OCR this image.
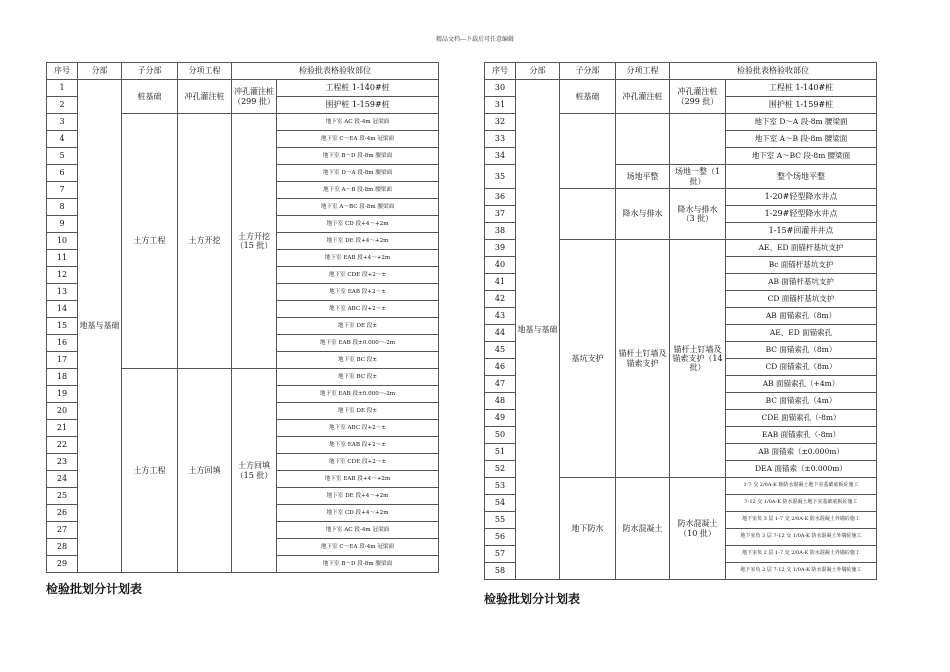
精品文档---下载后可任意编辑
序号	分部	子分部	分项工程	检验批表格验收部位	
1	地基与基础	桩基础	冲孔灌注桩	冲孔灌注桩（299 批）	工程桩 1-140#桩
2					围护桩 1-159#桩
3		土方工程	土方开挖	土方开挖（15 批）	地下室 AC 段-4m 冠梁面
4					地下室 C～EA 段-4m 冠梁面
5					地下室 B～D 段-8m 腰梁面
6					地下室 D～A 段-8m 腰梁面
7					地下室 A～B 段-8m 腰梁面
8					地下室 A～BC 段-8m 腰梁面
9					地下室 CD 段+4～+2m
10					地下室 DE 段+4～+2m
11					地下室 EAB 段+4～+2m
12					地下室 CDE 段+2～±
13					地下室 EAB 段+2～±
14					地下室 ABC 段+2～±
15					地下室 DE 段±
16					地下室 EAB 段±0.000～-2m
17					地下室 BC 段±
18		土方工程	土方回填	土方回填（15 批）	地下室 BC 段±
19					地下室 EAB 段±0.000～-2m
20					地下室 DE 段±
21					地下室 ABC 段+2～±
22					地下室 EAB 段+2～±
23					地下室 CDE 段+2～±
24					地下室 EAB 段+4～+2m
25					地下室 DE 段+4～+2m
26					地下室 CD 段+4～+2m
27					地下室 AC 段-4m 冠梁面
28					地下室 C～EA 段-4m 冠梁面
29					地下室 B～D 段-8m 腰梁面
检验批划分计划表
序号	分部	子分部	分项工程	检验批表格验收部位	
30	地基与基础	桩基础	冲孔灌注桩	冲孔灌注桩（299 批）	工程桩 1-140#桩
31					围护桩 1-159#桩
32					地下室 D～A 段-8m 腰梁面
33					地下室 A～B 段-8m 腰梁面
34					地下室 A～BC 段-8m 腰梁面
35			场地平整	场地一整（1 批）	整个场地平整
36			降水与排水	降水与排水（3 批）	1-20#轻型降水井点
37					1-29#轻型降水井点
38					1-15#回灌井井点
39		基坑支护	锚杆土钉墙及锚索支护	锚杆土钉墙及锚索支护（14 批）	AE、ED 面锚杆基坑支护
40					Bc 面锚杆基坑支护
41					AB 面锚杆基坑支护
42					CD 面锚杆基坑支护
43					AB 面锚索孔（8m）
44					AE、ED 面锚索孔
45					BC 面锚索孔（8m）
46					CD 面锚索孔（8m）
47					AB 面锚索孔（+4m）
48					BC 面锚索孔（4m）
49					CDE 面锚索孔（-8m）
50					EAB 面锚索孔（-8m）
51					AB 面锚索（±0.000m）
52					DEA 面锚索（±0.000m）
53		地下防水	防水混凝土	防水混凝土（10 批）	1-7 交 2/0A-K 轴防水混凝土地下室基础底板砼施工
54					7-12 交 1/0A-K 防水混凝土地下室基础底板砼施工
55					地下室负 3 层 1-7 交 2/0A-K 防水混凝土外墙砼施工
56					地下室负 3 层 7-12 交 1/0A-K 防水混凝土外墙砼施工
57					地下室负 2 层 1-7 交 2/0A-K 防水混凝土外墙砼施工
58					地下室负 2 层 7-12 交 1/0A-K 防水混凝土外墙砼施工
检验批划分计划表
